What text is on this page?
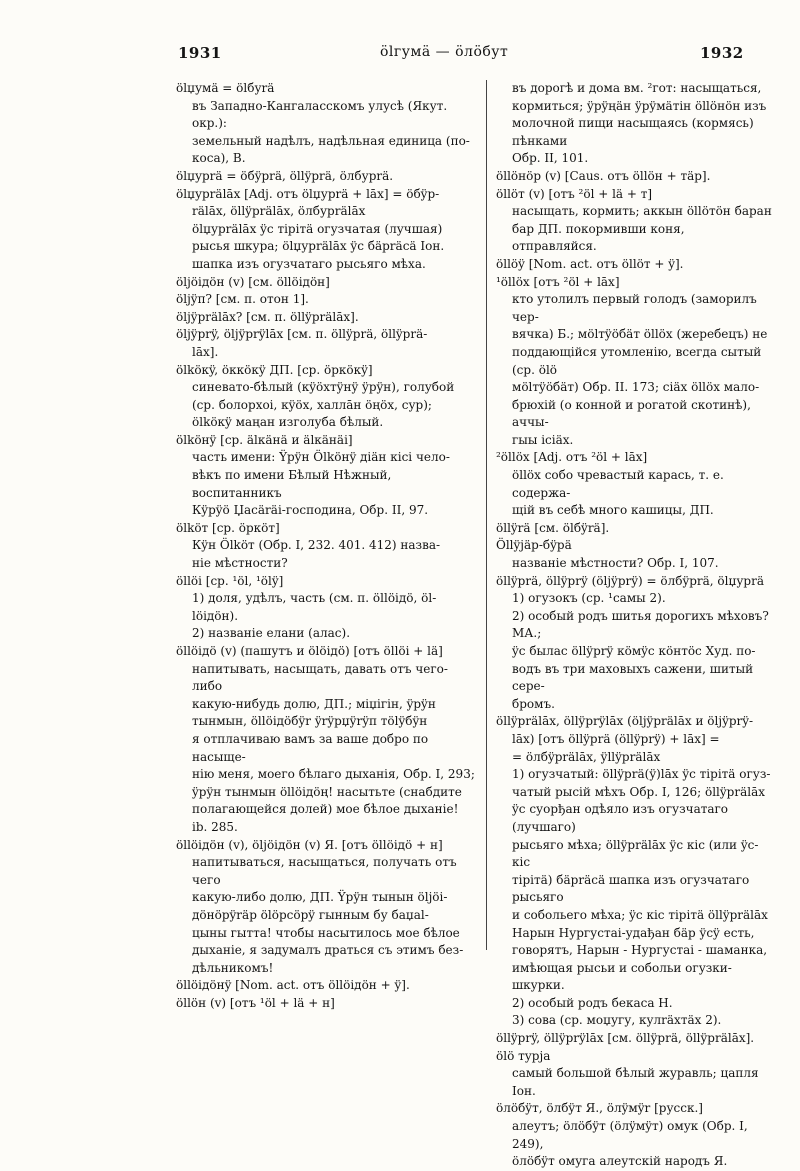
1931	ölгумä — öлöбут	1932

ölџумä = ölбуrä

въ Западно-Кангаласскомъ улусѣ (Якут. окр.):

земельный надѣлъ, надѣльная единица (по-

коса), В.

ölџурrä = öбÿрrä, öllÿрrä, öлбурrä.

ölџурrälāx [Adj. отъ ölџурrä + lāx] = öбÿр-

rälāx, öllÿрrälāx, öлбурrälāx

ölџурrälāx ÿс тiрiтä огузчатая (лучшая)

рысья шкура; ölџурrälāx ÿс бäрräсä Іон.

шапка изъ огузчатаго рысьяго мѣха.

öljöiдöн (v) [см. öllöiдöн]

öljÿп? [см. п. отон 1].

öljÿрrälāx? [см. п. öllÿрrälāx].

öljÿрrÿ, öljÿрrÿlāx [см. п. öllÿрrä, öllÿрrä-

lāx].

ölköкÿ, öккöкÿ ДП. [ср. öркöкÿ]

синевато-бѣлый (кÿöхтÿнÿ ÿрÿн), голубой

(ср. болорхоi, кÿöх, халлāн öңöх, сур);

ölköкÿ маңан изголуба бѣлый.

ölköнÿ [ср. älкäнä и älкäнäi]

часть имени: Ÿрÿн Ölköнÿ дiäн кiсi чело-

вѣкъ по имени Бѣлый Нѣжный, воспитанникъ

Кÿрÿö Џасäräi-господина, Обр. II, 97.

ölköт [ср. öркöт]

Кÿн Ölköт (Обр. І, 232. 401. 412) назва-

нiе мѣстности?

öllöi [ср. ¹öl, ¹ölÿ]

1) доля, удѣлъ, часть (см. п. öllöiдö, öl-

löiдöн).

2) названіе елани (алас).

öllöiдö (v) (пашутъ и ölöiдö) [отъ öllöi + lä]

напитывать, насыщать, давать отъ чего-либо

какую-нибудь долю, ДП.; мiџiгiн, ÿрÿн

тынмын, öllöiдöбÿr ÿrÿрџÿrÿп тölÿбÿн

я отплачиваю вамъ за ваше добро по насыще-

нiю меня, моего бѣлаго дыханія, Обр. І, 293;

ÿрÿн тынмын öllöiдöң! насытьте (снабдите

полагающейся долей) мое бѣлое дыханіе!

ib. 285.

öllöiдöн (v), öljöiдöн (v) Я. [отъ öllöiдö + н]

напитываться, насыщаться, получать отъ чего

какую-либо долю, ДП. Ÿрÿн тынын öljöi-

дöнöрÿräр ölöрсöрÿ гынным бу баџal-

цыны гытта! чтобы насытилось мое бѣлое

дыханіе, я задумалъ драться съ этимъ без-

дѣльникомъ!

öllöiдöнÿ [Nom. act. отъ öllöiдöн + ÿ].

öllöн (v) [отъ ¹öl + lä + н]

въ дорогѣ и дома вм. ²гот: насыщаться,

кормиться; ÿрÿңäн ÿрÿмäтiн öllöнöн изъ

молочной пищи насыщаясь (кормясь) пѣнками

Обр. II, 101.

öllöнöр (v) [Caus. отъ öllöн + тäр].

öllöт (v) [отъ ²öl + lä + т]

насыщать, кормить; аккын öllöтöн баран

бар ДП. покормивши коня, отправляйся.

öllöÿ [Nom. act. отъ öllöт + ÿ].

¹öllöх [отъ ²öl + lāx]

кто утолилъ первый голодъ (заморилъ чер-

вячка) Б.; мölтÿöбäт öllöх (жеребецъ) не

поддающійся утомленію, всегда сытый (ср. ölö

мölтÿöбäт) Обр. II. 173; сiäх öllöх мало-

брюхій (о конной и рогатой скотинѣ), аччы-

гыы iсiäх.

²öllöх [Adj. отъ ²öl + lāx]

öllöх собо чревастый карась, т. е. содержа-

щій въ себѣ много кашицы, ДП.

öllÿrä [см. ölбÿrä].

Öllÿjäр-бÿрä

названіе мѣстности? Обр. І, 107.

öllÿрrä, öllÿрrÿ (öljÿрrÿ) = öлбÿрrä, ölџурrä

1) огузокъ (ср. ¹самы 2).

2) особый родъ шитья дорогихъ мѣховъ? МА.;

ÿс былас öllÿрrÿ кöмÿс кöнтöс Худ. по-

водъ въ три маховыхъ сажени, шитый сере-

бромъ.

öllÿрrälāx, öllÿрrÿlāx (öljÿрrälāx и öljÿрrÿ-

lāx) [отъ öllÿрrä (öllÿрrÿ) + lāx] =

= öлбÿрrälāx, ÿllÿрrälāx

1) огузчатый: öllÿрrä(ÿ)lāx ÿс тiрiтä огуз-

чатый рысій мѣхъ Обр. І, 126; öllÿрrälāx

ÿс суорђан одѣяло изъ огузчатаго (лучшаго)

рысьяго мѣха; öllÿрrälāx ÿс кiс (или ÿс-кiс

тiрiтä) бäрräсä шапка изъ огузчатаго рысьяго

и собольего мѣха; ÿс кiс тiрiтä öllÿрrälāx

Нарын Нургустаi-удађан бäр ÿсÿ есть,

говорятъ, Нарын - Нургустаi - шаманка,

имѣющая рысьи и собольи огузки-шкурки.

2) особый родъ бекаса Н.

3) сова (ср. моџугу, кулräхтäх 2).

öllÿрrÿ, öllÿрrÿlāx [см. öllÿрrä, öllÿрrälāx].

ölö турја

самый большой бѣлый журавль; цапля Іон.

öлöбÿт, öлбÿт Я., öлÿмÿr [русск.]

алеутъ; öлöбÿт (öлÿмÿт) омук (Обр. І, 249),

öлöбÿт омуга алеутскій народъ Я.
